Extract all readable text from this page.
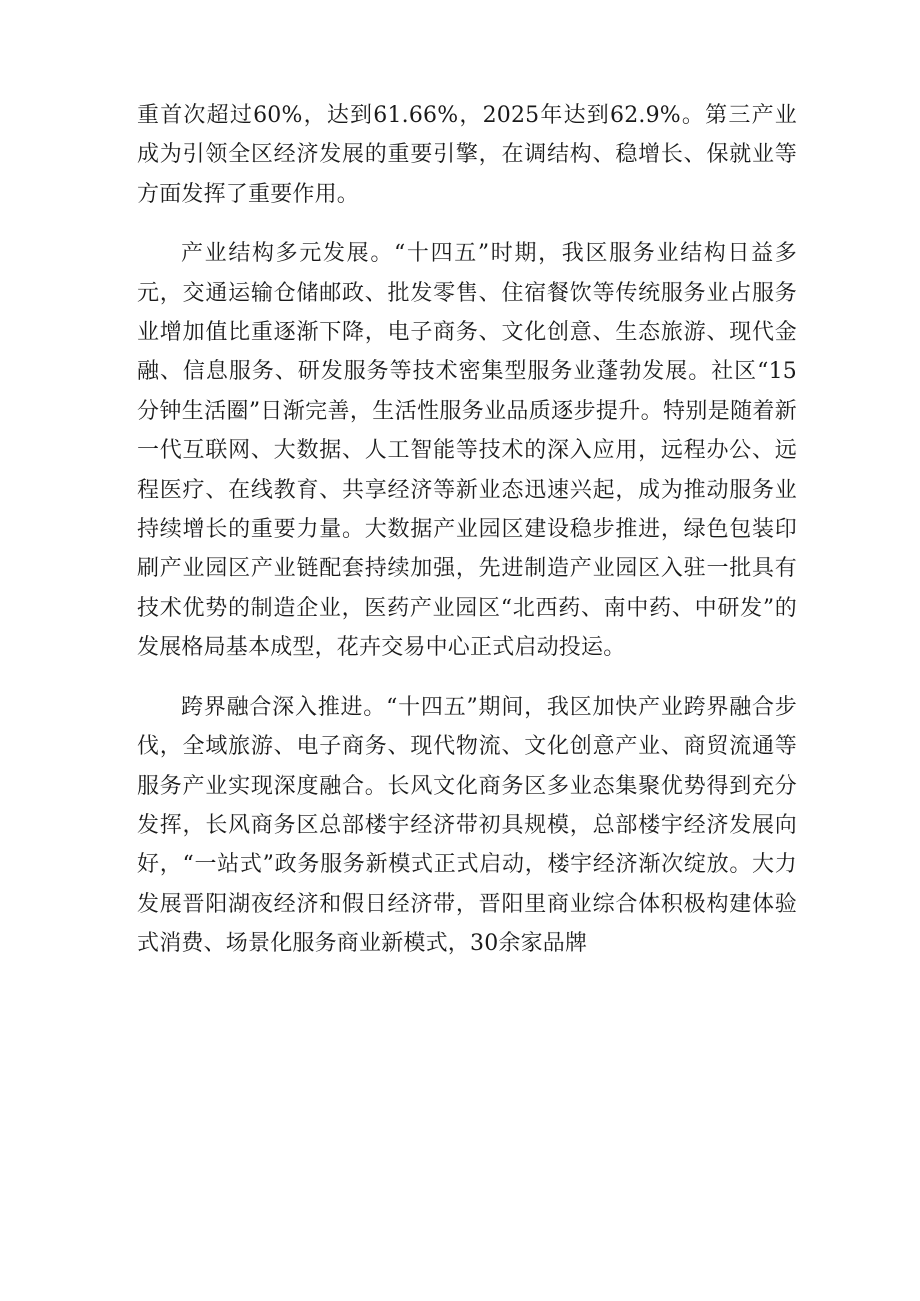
重首次超过60%，达到61.66%，2025年达到62.9%。第三产业成为引领全区经济发展的重要引擎，在调结构、稳增长、保就业等方面发挥了重要作用。

产业结构多元发展。“十四五”时期，我区服务业结构日益多元，交通运输仓储邮政、批发零售、住宿餐饮等传统服务业占服务业增加值比重逐渐下降，电子商务、文化创意、生态旅游、现代金融、信息服务、研发服务等技术密集型服务业蓬勃发展。社区“15分钟生活圈”日渐完善，生活性服务业品质逐步提升。特别是随着新一代互联网、大数据、人工智能等技术的深入应用，远程办公、远程医疗、在线教育、共享经济等新业态迅速兴起，成为推动服务业持续增长的重要力量。大数据产业园区建设稳步推进，绿色包装印刷产业园区产业链配套持续加强，先进制造产业园区入驻一批具有技术优势的制造企业，医药产业园区“北西药、南中药、中研发”的发展格局基本成型，花卉交易中心正式启动投运。

跨界融合深入推进。“十四五”期间，我区加快产业跨界融合步伐，全域旅游、电子商务、现代物流、文化创意产业、商贸流通等服务产业实现深度融合。长风文化商务区多业态集聚优势得到充分发挥，长风商务区总部楼宇经济带初具规模，总部楼宇经济发展向好，“一站式”政务服务新模式正式启动，楼宇经济渐次绽放。大力发展晋阳湖夜经济和假日经济带，晋阳里商业综合体积极构建体验式消费、场景化服务商业新模式，30余家品牌
